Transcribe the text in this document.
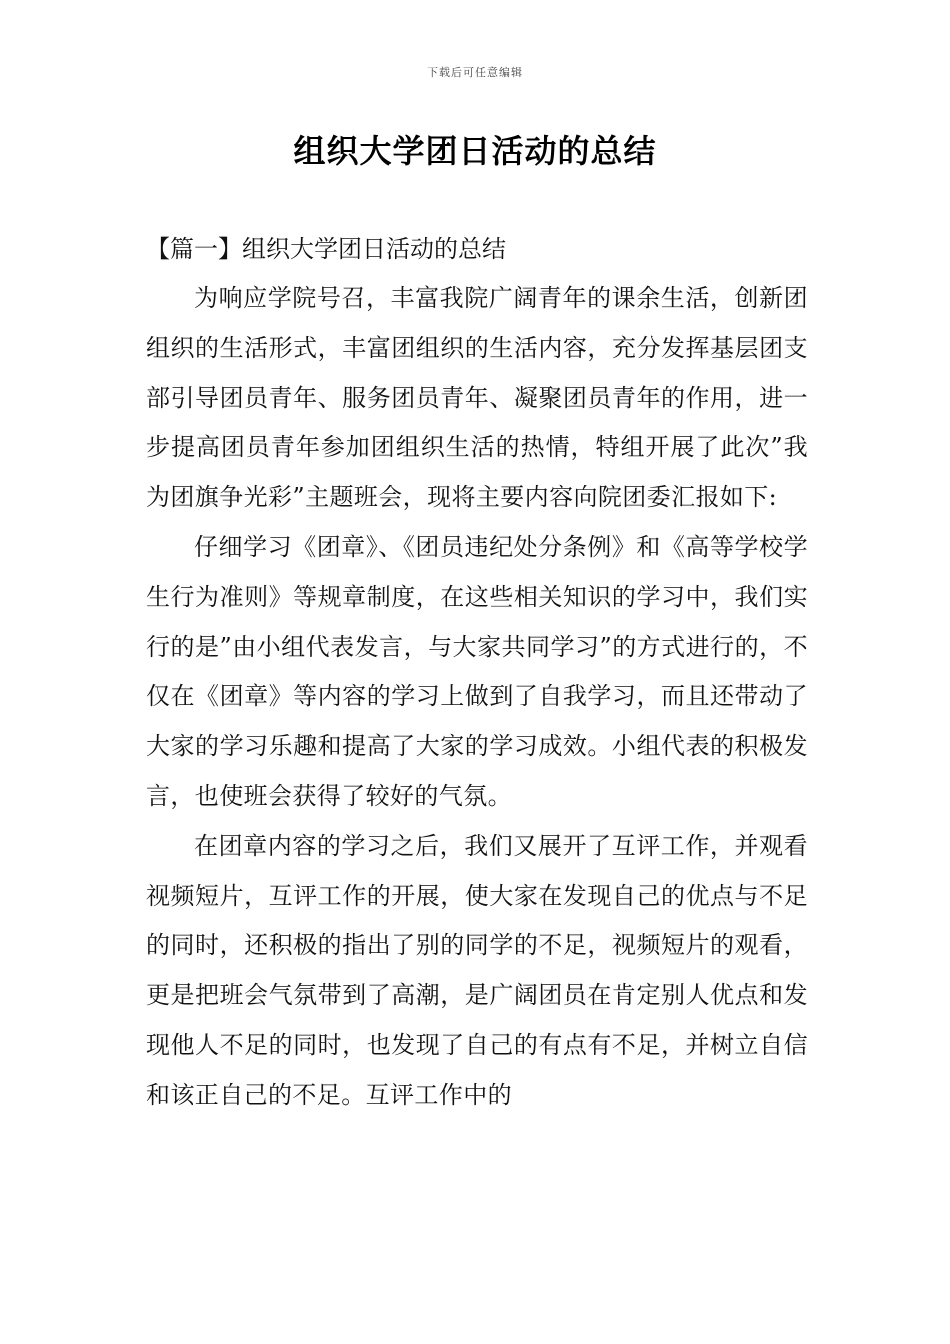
下载后可任意编辑
组织大学团日活动的总结

【篇一】组织大学团日活动的总结

为响应学院号召，丰富我院广阔青年的课余生活，创新团组织的生活形式，丰富团组织的生活内容，充分发挥基层团支部引导团员青年、服务团员青年、凝聚团员青年的作用，进一步提高团员青年参加团组织生活的热情，特组开展了此次”我为团旗争光彩”主题班会，现将主要内容向院团委汇报如下:

仔细学习《团章》、《团员违纪处分条例》和《高等学校学生行为准则》等规章制度，在这些相关知识的学习中，我们实行的是”由小组代表发言，与大家共同学习”的方式进行的，不仅在《团章》等内容的学习上做到了自我学习，而且还带动了大家的学习乐趣和提高了大家的学习成效。小组代表的积极发言，也使班会获得了较好的气氛。

在团章内容的学习之后，我们又展开了互评工作，并观看视频短片，互评工作的开展，使大家在发现自己的优点与不足的同时，还积极的指出了别的同学的不足，视频短片的观看，更是把班会气氛带到了高潮，是广阔团员在肯定别人优点和发现他人不足的同时，也发现了自己的有点有不足，并树立自信和该正自己的不足。互评工作中的
